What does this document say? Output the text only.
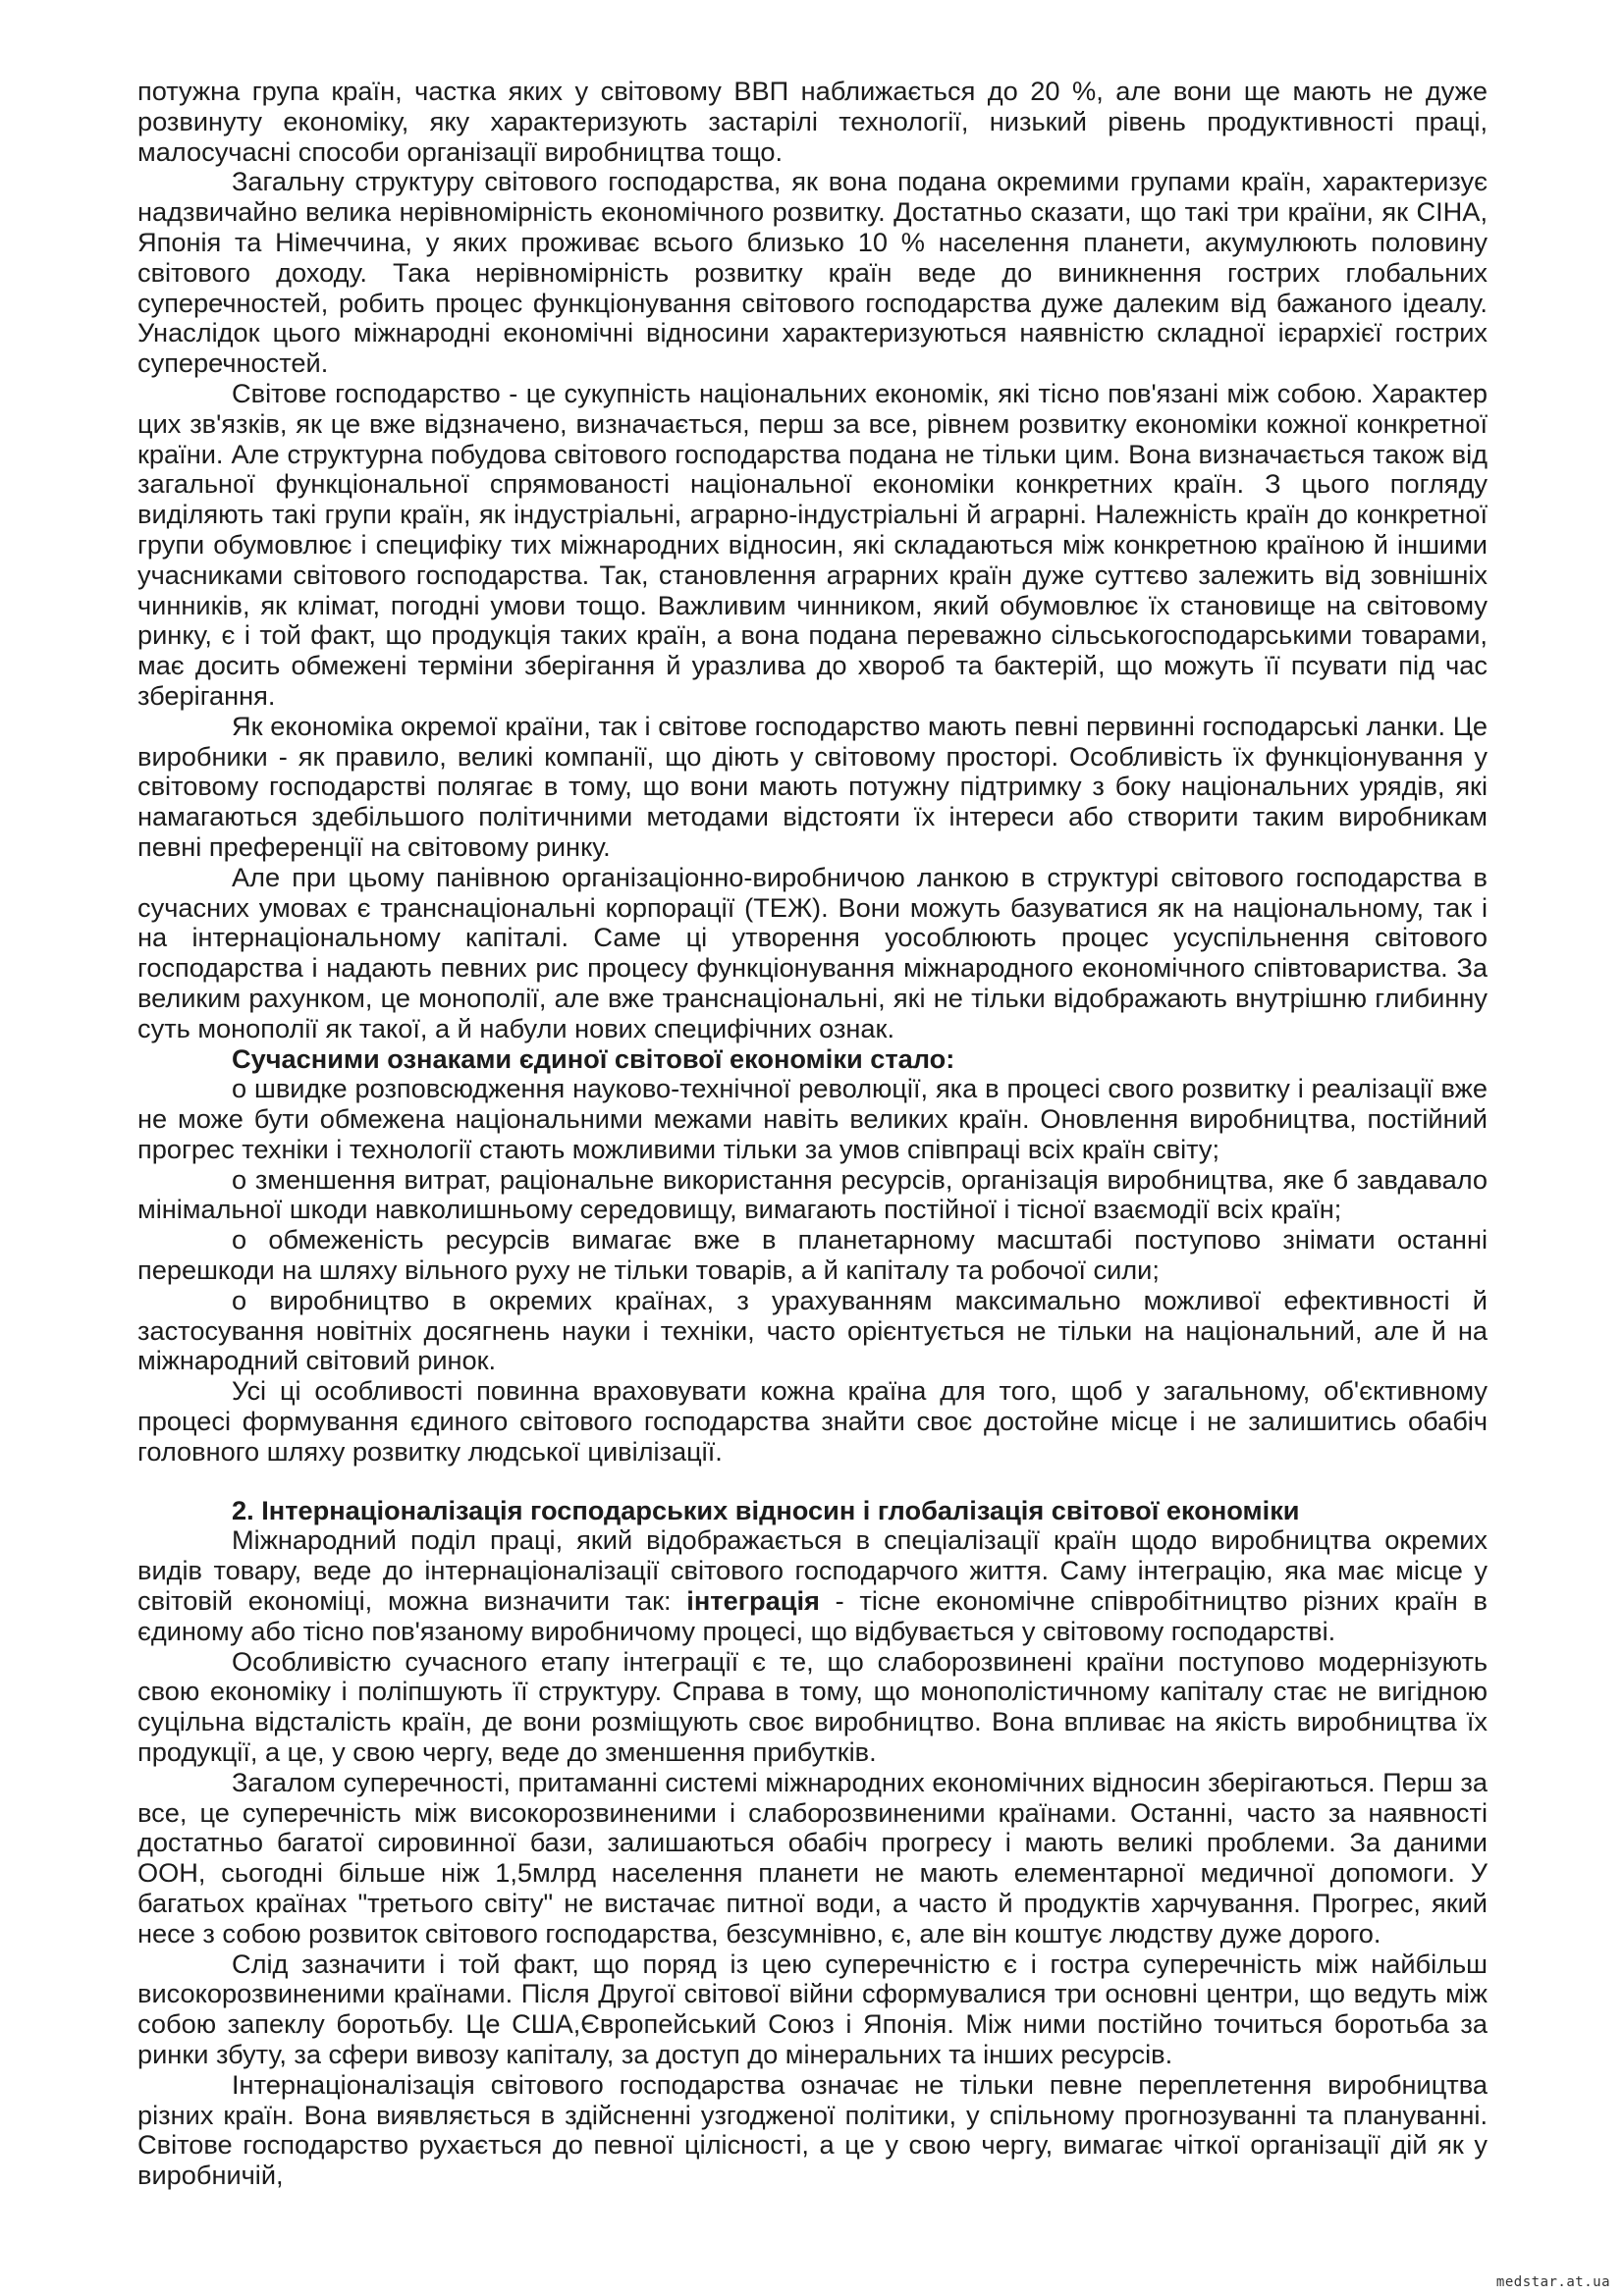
потужна група країн, частка яких у світовому ВВП наближається до 20 %, але вони ще мають не дуже розвинуту економіку, яку характеризують застарілі технології, низький рівень продуктивності праці, малосучасні способи організації виробництва тощо.

Загальну структуру світового господарства, як вона подана окремими групами країн, характеризує надзвичайно велика нерівномірність економічного розвитку. Достатньо сказати, що такі три країни, як СІНА, Японія та Німеччина, у яких проживає всього близько 10 % населення планети, акумулюють половину світового доходу. Така нерівномірність розвитку країн веде до виникнення гострих глобальних суперечностей, робить процес функціонування світового господарства дуже далеким від бажаного ідеалу. Унаслідок цього міжнародні економічні відносини характеризуються наявністю складної ієрархієї гострих суперечностей.

Світове господарство - це сукупність національних економік, які тісно пов'язані між собою. Характер цих зв'язків, як це вже відзначено, визначається, перш за все, рівнем розвитку економіки кожної конкретної країни. Але структурна побудова світового господарства подана не тільки цим. Вона визначається також від загальної функціональної спрямованості національної економіки конкретних країн. З цього погляду виділяють такі групи країн, як індустріальні, аграрно-індустріальні й аграрні. Належність країн до конкретної групи обумовлює і специфіку тих міжнародних відносин, які складаються між конкретною країною й іншими учасниками світового господарства. Так, становлення аграрних країн дуже суттєво залежить від зовнішніх чинників, як клімат, погодні умови тощо. Важливим чинником, який обумовлює їх становище на світовому ринку, є і той факт, що продукція таких країн, а вона подана переважно сільськогосподарськими товарами, має досить обмежені терміни зберігання й уразлива до хвороб та бактерій, що можуть її псувати під час зберігання.

Як економіка окремої країни, так і світове господарство мають певні первинні господарські ланки. Це виробники - як правило, великі компанії, що діють у світовому просторі. Особливість їх функціонування у світовому господарстві полягає в тому, що вони мають потужну підтримку з боку національних урядів, які намагаються здебільшого політичними методами відстояти їх інтереси або створити таким виробникам певні преференції на світовому ринку.

Але при цьому панівною організаціонно-виробничою ланкою в структурі світового господарства в сучасних умовах є транснаціональні корпорації (ТЕЖ). Вони можуть базуватися як на національному, так і на інтернаціональному капіталі. Саме ці утворення уособлюють процес усуспільнення світового господарства і надають певних рис процесу функціонування міжнародного економічного співтовариства. За великим рахунком, це монополії, але вже транснаціональні, які не тільки відображають внутрішню глибинну суть монополії як такої, а й набули нових специфічних ознак.

Сучасними ознаками єдиної світової економіки стало:

о швидке розповсюдження науково-технічної революції, яка в процесі свого розвитку і реалізації вже не може бути обмежена національними межами навіть великих країн. Оновлення виробництва, постійний прогрес техніки і технології стають можливими тільки за умов співпраці всіх країн світу;

о зменшення витрат, раціональне використання ресурсів, організація виробництва, яке б завдавало мінімальної шкоди навколишньому середовищу, вимагають постійної і тісної взаємодії всіх країн;

о обмеженість ресурсів вимагає вже в планетарному масштабі поступово знімати останні перешкоди на шляху вільного руху не тільки товарів, а й капіталу та робочої сили;

о виробництво в окремих країнах, з урахуванням максимально можливої ефективності й застосування новітніх досягнень науки і техніки, часто орієнтується не тільки на національний, але й на міжнародний світовий ринок.

Усі ці особливості повинна враховувати кожна країна для того, щоб у загальному, об'єктивному процесі формування єдиного світового господарства знайти своє достойне місце і не залишитись обабіч головного шляху розвитку людської цивілізації.

2. Інтернаціоналізація господарських відносин і глобалізація світової економіки

Міжнародний поділ праці, який відображається в спеціалізації країн щодо виробництва окремих видів товару, веде до інтернаціоналізації світового господарчого життя. Саму інтеграцію, яка має місце у світовій економіці, можна визначити так: інтеграція - тісне економічне співробітництво різних країн в єдиному або тісно пов'язаному виробничому процесі, що відбувається у світовому господарстві.

Особливістю сучасного етапу інтеграції є те, що слаборозвинені країни поступово модернізують свою економіку і поліпшують її структуру. Справа в тому, що монополістичному капіталу стає не вигідною суцільна відсталість країн, де вони розміщують своє виробництво. Вона впливає на якість виробництва їх продукції, а це, у свою чергу, веде до зменшення прибутків.

Загалом суперечності, притаманні системі міжнародних економічних відносин зберігаються. Перш за все, це суперечність між високорозвиненими і слаборозвиненими країнами. Останні, часто за наявності достатньо багатої сировинної бази, залишаються обабіч прогресу і мають великі проблеми. За даними ООН, сьогодні більше ніж 1,5млрд населення планети не мають елементарної медичної допомоги. У багатьох країнах "третього світу" не вистачає питної води, а часто й продуктів харчування. Прогрес, який несе з собою розвиток світового господарства, безсумнівно, є, але він коштує людству дуже дорого.

Слід зазначити і той факт, що поряд із цею суперечністю є і гостра суперечність між найбільш високорозвиненими країнами. Після Другої світової війни сформувалися три основні центри, що ведуть між собою запеклу боротьбу. Це США,Європейський Союз і Японія. Між ними постійно точиться боротьба за ринки збуту, за сфери вивозу капіталу, за доступ до мінеральних та інших ресурсів.

Інтернаціоналізація світового господарства означає не тільки певне переплетення виробництва різних країн. Вона виявляється в здійсненні узгодженої політики, у спільному прогнозуванні та плануванні. Світове господарство рухається до певної цілісності, а це у свою чергу, вимагає чіткої організації дій як у виробничій,

medstar.at.ua
